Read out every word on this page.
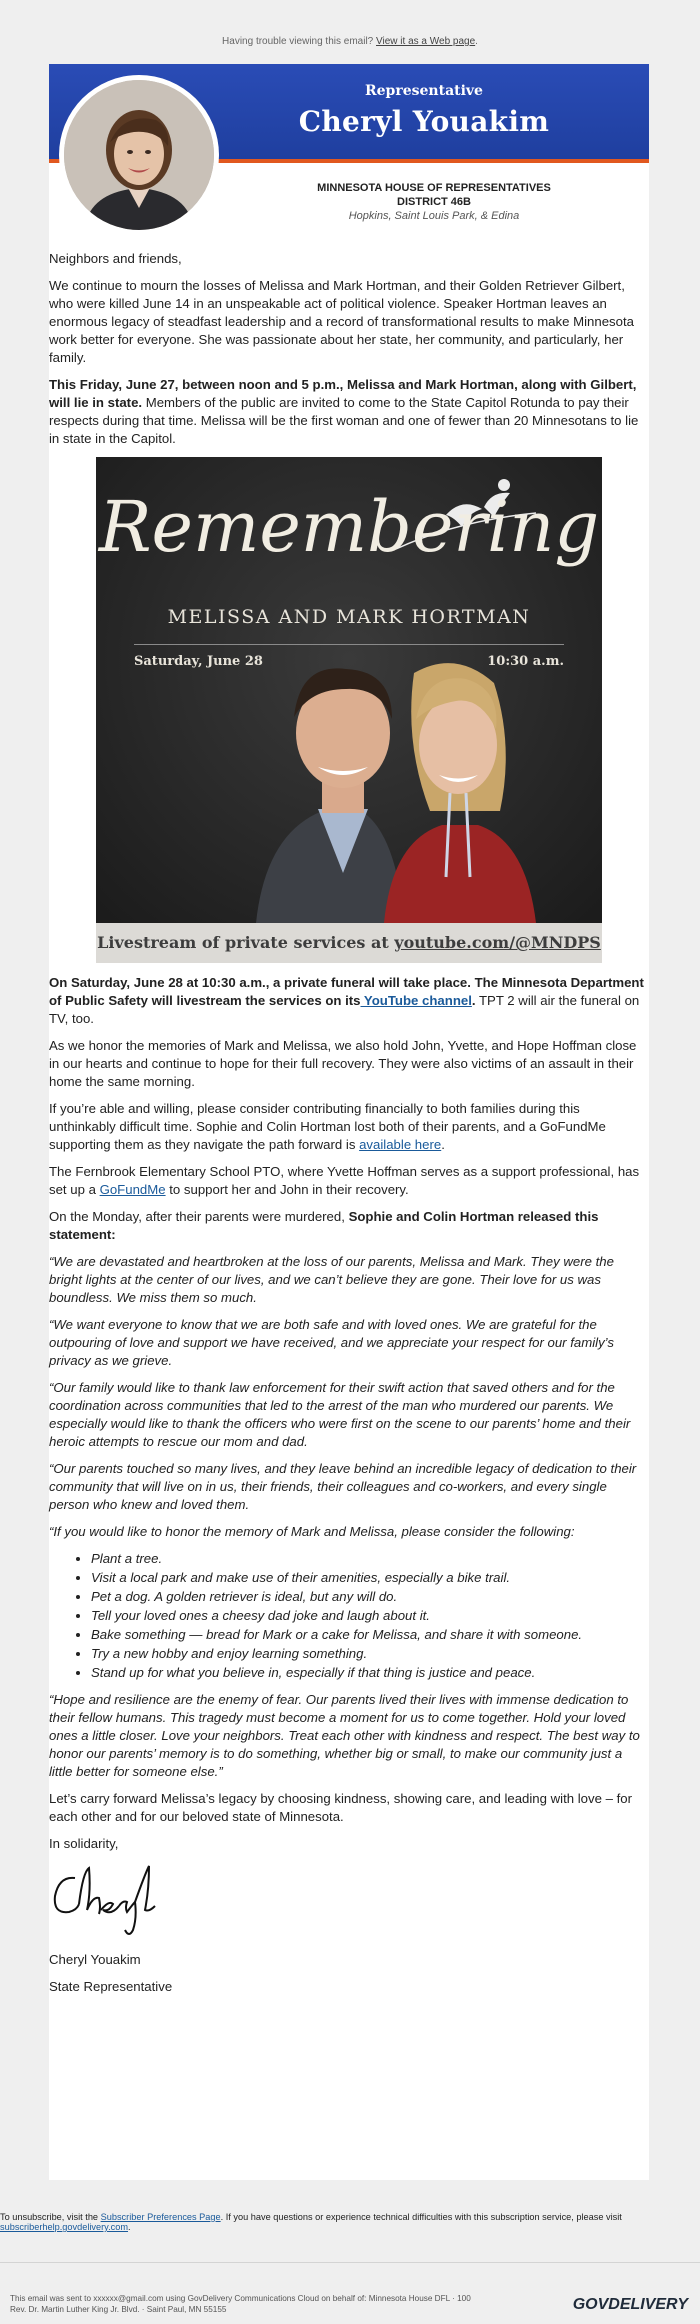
Having trouble viewing this email? View it as a Web page.
Representative
Cheryl Youakim
MINNESOTA HOUSE OF REPRESENTATIVES
DISTRICT 46B
Hopkins, Saint Louis Park, & Edina

Neighbors and friends,

We continue to mourn the losses of Melissa and Mark Hortman, and their Golden Retriever Gilbert, who were killed June 14 in an unspeakable act of political violence. Speaker Hortman leaves an enormous legacy of steadfast leadership and a record of transformational results to make Minnesota work better for everyone. She was passionate about her state, her community, and particularly, her family.

This Friday, June 27, between noon and 5 p.m., Melissa and Mark Hortman, along with Gilbert, will lie in state. Members of the public are invited to come to the State Capitol Rotunda to pay their respects during that time. Melissa will be the first woman and one of fewer than 20 Minnesotans to lie in state in the Capitol.

Remembering
MELISSA AND MARK HORTMAN
Saturday, June 28	10:30 a.m.
Livestream of private services at youtube.com/@MNDPS

On Saturday, June 28 at 10:30 a.m., a private funeral will take place. The Minnesota Department of Public Safety will livestream the services on its YouTube channel. TPT 2 will air the funeral on TV, too.

As we honor the memories of Mark and Melissa, we also hold John, Yvette, and Hope Hoffman close in our hearts and continue to hope for their full recovery. They were also victims of an assault in their home the same morning.

If you’re able and willing, please consider contributing financially to both families during this unthinkably difficult time. Sophie and Colin Hortman lost both of their parents, and a GoFundMe supporting them as they navigate the path forward is available here.

The Fernbrook Elementary School PTO, where Yvette Hoffman serves as a support professional, has set up a GoFundMe to support her and John in their recovery.

On the Monday, after their parents were murdered, Sophie and Colin Hortman released this statement:

“We are devastated and heartbroken at the loss of our parents, Melissa and Mark. They were the bright lights at the center of our lives, and we can’t believe they are gone. Their love for us was boundless. We miss them so much.

“We want everyone to know that we are both safe and with loved ones. We are grateful for the outpouring of love and support we have received, and we appreciate your respect for our family’s privacy as we grieve.

“Our family would like to thank law enforcement for their swift action that saved others and for the coordination across communities that led to the arrest of the man who murdered our parents. We especially would like to thank the officers who were first on the scene to our parents’ home and their heroic attempts to rescue our mom and dad.

“Our parents touched so many lives, and they leave behind an incredible legacy of dedication to their community that will live on in us, their friends, their colleagues and co-workers, and every single person who knew and loved them.

“If you would like to honor the memory of Mark and Melissa, please consider the following:

• Plant a tree.
• Visit a local park and make use of their amenities, especially a bike trail.
• Pet a dog. A golden retriever is ideal, but any will do.
• Tell your loved ones a cheesy dad joke and laugh about it.
• Bake something — bread for Mark or a cake for Melissa, and share it with someone.
• Try a new hobby and enjoy learning something.
• Stand up for what you believe in, especially if that thing is justice and peace.

“Hope and resilience are the enemy of fear. Our parents lived their lives with immense dedication to their fellow humans. This tragedy must become a moment for us to come together. Hold your loved ones a little closer. Love your neighbors. Treat each other with kindness and respect. The best way to honor our parents’ memory is to do something, whether big or small, to make our community just a little better for someone else.”

Let’s carry forward Melissa’s legacy by choosing kindness, showing care, and leading with love – for each other and for our beloved state of Minnesota.

In solidarity,

Cheryl Youakim

State Representative

To unsubscribe, visit the Subscriber Preferences Page. If you have questions or experience technical difficulties with this subscription service, please visit subscriberhelp.govdelivery.com.
This email was sent to xxxxxx@gmail.com using GovDelivery Communications Cloud on behalf of: Minnesota House DFL · 100
Rev. Dr. Martin Luther King Jr. Blvd. · Saint Paul, MN 55155	GOVDELIVERY
